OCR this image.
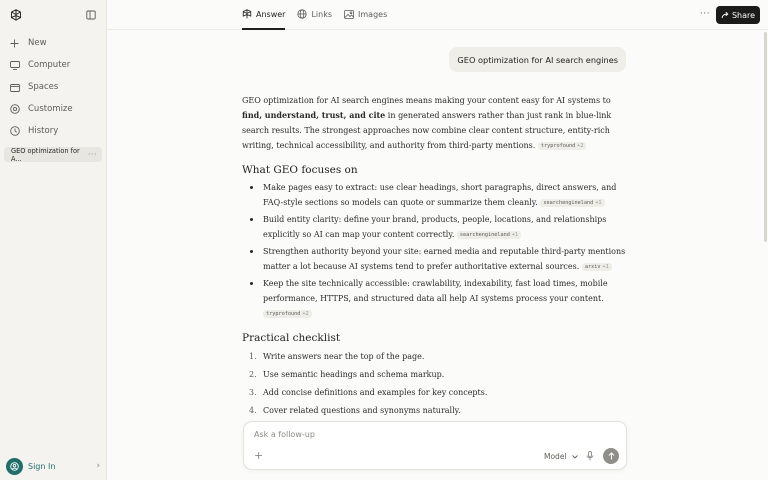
New
Computer
Spaces
Customize
History
GEO optimization for A...	···
Sign In	›
Answer	Links	Images	···	Share
GEO optimization for AI search engines

GEO optimization for AI search engines means making your content easy for AI systems to find, understand, trust, and cite in generated answers rather than just rank in blue-link search results. The strongest approaches now combine clear content structure, entity-rich writing, technical accessibility, and authority from third-party mentions. tryprofound +2

What GEO focuses on
Make pages easy to extract: use clear headings, short paragraphs, direct answers, and FAQ-style sections so models can quote or summarize them cleanly. searchengineland +1
Build entity clarity: define your brand, products, people, locations, and relationships explicitly so AI can map your content correctly. searchengineland +1
Strengthen authority beyond your site: earned media and reputable third-party mentions matter a lot because AI systems tend to prefer authoritative external sources. arxiv +1
Keep the site technically accessible: crawlability, indexability, fast load times, mobile performance, HTTPS, and structured data all help AI systems process your content. tryprofound +2
Practical checklist
1. Write answers near the top of the page.
2. Use semantic headings and schema markup.
3. Add concise definitions and examples for key concepts.
4. Cover related questions and synonyms naturally.
Ask a follow-up
+	Model
